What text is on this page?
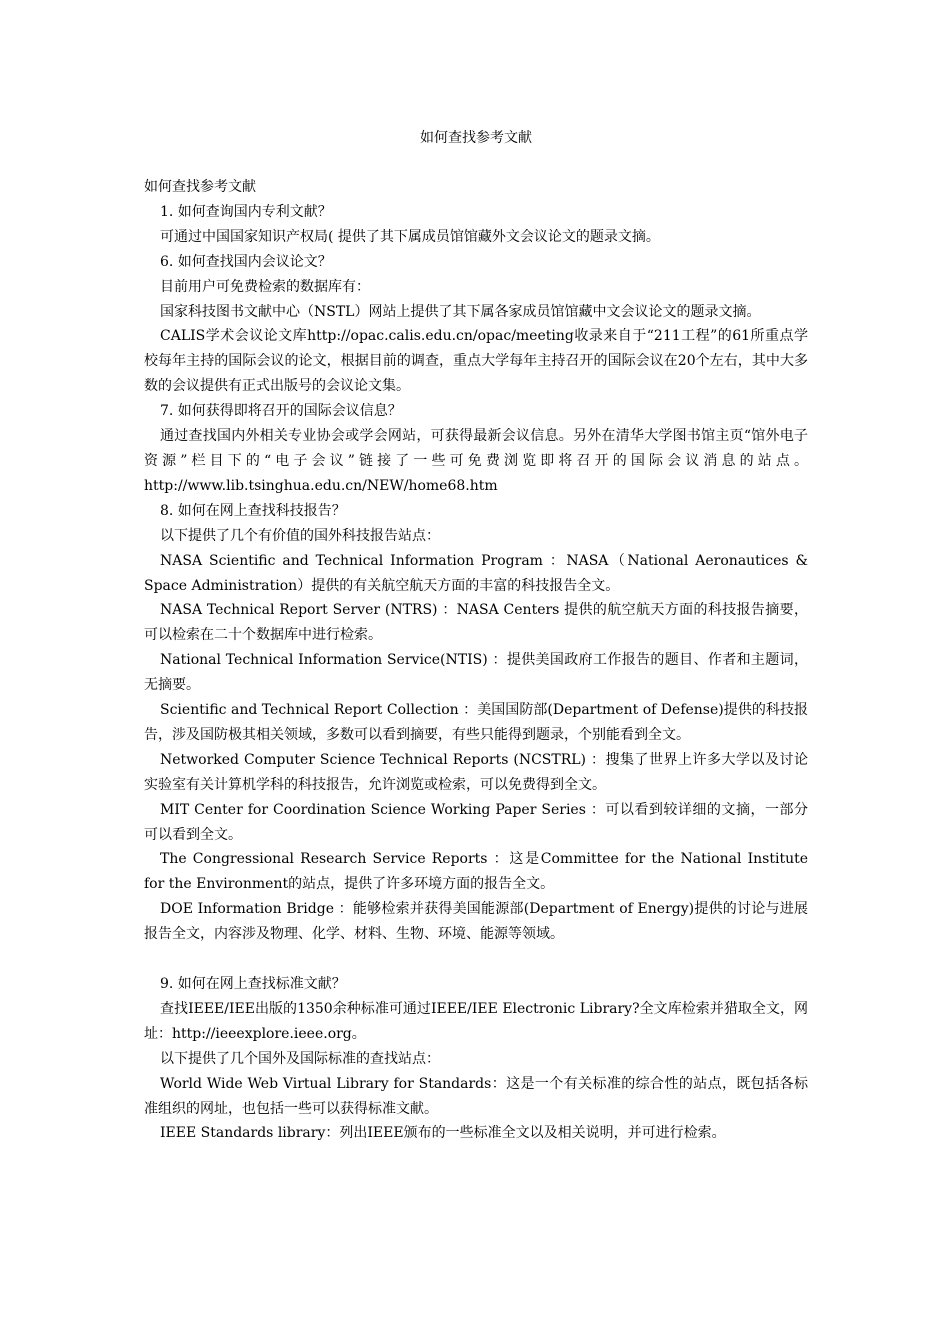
如何查找参考文献

如何查找参考文献

1. 如何查询国内专利文献？

可通过中国国家知识产权局( 提供了其下属成员馆馆藏外文会议论文的题录文摘。

6. 如何查找国内会议论文？

目前用户可免费检索的数据库有：

国家科技图书文献中心（NSTL）网站上提供了其下属各家成员馆馆藏中文会议论文的题录文摘。

CALIS学术会议论文库http://opac.calis.edu.cn/opac/meeting收录来自于“211工程”的61所重点学校每年主持的国际会议的论文，根据目前的调查，重点大学每年主持召开的国际会议在20个左右，其中大多数的会议提供有正式出版号的会议论文集。

7. 如何获得即将召开的国际会议信息？

通过查找国内外相关专业协会或学会网站，可获得最新会议信息。另外在清华大学图书馆主页“馆外电子资源”栏目下的“电子会议”链接了一些可免费浏览即将召开的国际会议消息的站点。http://www.lib.tsinghua.edu.cn/NEW/home68.htm

8. 如何在网上查找科技报告？

以下提供了几个有价值的国外科技报告站点：

NASA Scientific and Technical Information Program ：NASA（National Aeronautices & Space Administration）提供的有关航空航天方面的丰富的科技报告全文。

NASA Technical Report Server (NTRS) ：NASA Centers 提供的航空航天方面的科技报告摘要，可以检索在二十个数据库中进行检索。

National Technical Information Service(NTIS) ：提供美国政府工作报告的题目、作者和主题词，无摘要。

Scientific and Technical Report Collection ：美国国防部(Department of Defense)提供的科技报告，涉及国防极其相关领域，多数可以看到摘要，有些只能得到题录，个别能看到全文。

Networked Computer Science Technical Reports (NCSTRL) ：搜集了世界上许多大学以及讨论实验室有关计算机学科的科技报告，允许浏览或检索，可以免费得到全文。

MIT Center for Coordination Science Working Paper Series ：可以看到较详细的文摘，一部分可以看到全文。

The Congressional Research Service Reports ：这是Committee for the National Institute for the Environment的站点，提供了许多环境方面的报告全文。

DOE Information Bridge ：能够检索并获得美国能源部(Department of Energy)提供的讨论与进展报告全文，内容涉及物理、化学、材料、生物、环境、能源等领域。

9. 如何在网上查找标准文献？

查找IEEE/IEE出版的1350余种标准可通过IEEE/IEE Electronic Library?全文库检索并猎取全文，网址：http://ieeexplore.ieee.org。

以下提供了几个国外及国际标准的查找站点：

World Wide Web Virtual Library for Standards：这是一个有关标准的综合性的站点，既包括各标准组织的网址，也包括一些可以获得标准文献。

IEEE Standards library：列出IEEE颁布的一些标准全文以及相关说明，并可进行检索。
